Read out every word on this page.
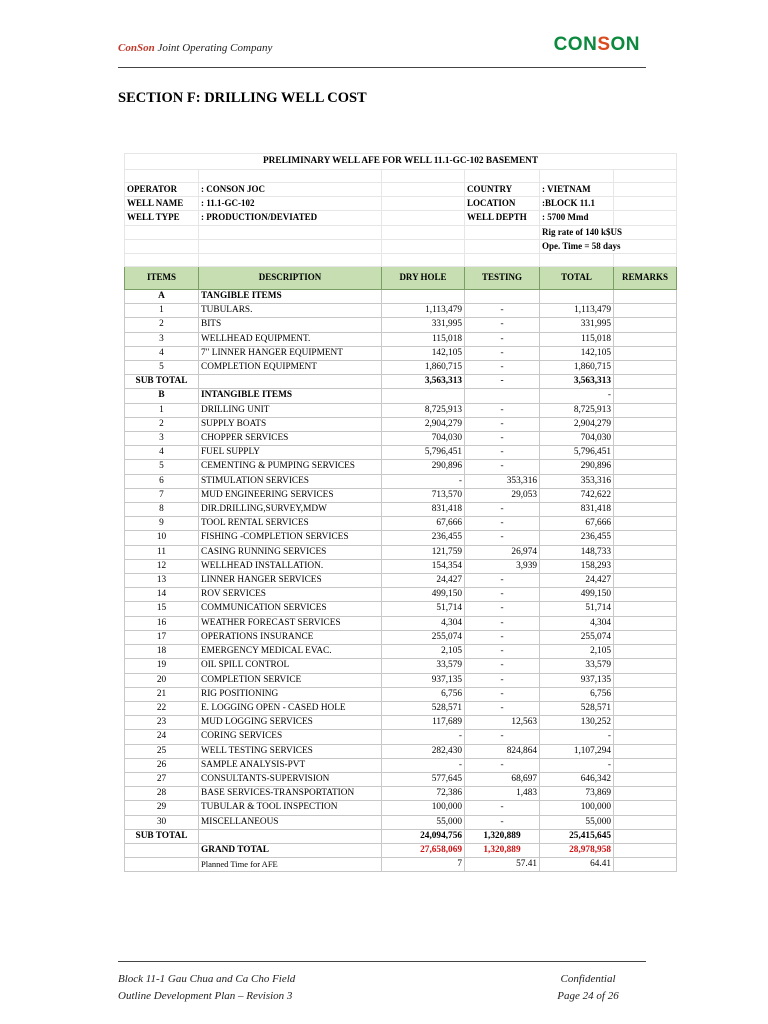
ConSon Joint Operating Company	CONSON
SECTION F: DRILLING WELL COST
PRELIMINARY WELL AFE FOR WELL 11.1-GC-102 BASEMENT					

OPERATOR	: CONSON JOC		COUNTRY	: VIETNAM	
WELL NAME	: 11.1-GC-102		LOCATION	:BLOCK 11.1	
WELL TYPE	: PRODUCTION/DEVIATED		WELL DEPTH	: 5700 Mmd	
				Rig rate of 140 k$US	
				Ope. Time = 58 days	

ITEMS	DESCRIPTION	DRY HOLE	TESTING	TOTAL	REMARKS
A	TANGIBLE ITEMS				
1	TUBULARS.	1,113,479	-	1,113,479	
2	BITS	331,995	-	331,995	
3	WELLHEAD EQUIPMENT.	115,018	-	115,018	
4	7" LINNER HANGER EQUIPMENT	142,105	-	142,105	
5	COMPLETION EQUIPMENT	1,860,715	-	1,860,715	
SUB TOTAL		3,563,313	-	3,563,313	
B	INTANGIBLE ITEMS			-	
1	DRILLING UNIT	8,725,913	-	8,725,913	
2	SUPPLY BOATS	2,904,279	-	2,904,279	
3	CHOPPER SERVICES	704,030	-	704,030	
4	FUEL SUPPLY	5,796,451	-	5,796,451	
5	CEMENTING & PUMPING SERVICES	290,896	-	290,896	
6	STIMULATION SERVICES	-	353,316	353,316	
7	MUD ENGINEERING SERVICES	713,570	29,053	742,622	
8	DIR.DRILLING,SURVEY,MDW	831,418	-	831,418	
9	TOOL RENTAL SERVICES	67,666	-	67,666	
10	FISHING -COMPLETION SERVICES	236,455	-	236,455	
11	CASING RUNNING SERVICES	121,759	26,974	148,733	
12	WELLHEAD INSTALLATION.	154,354	3,939	158,293	
13	LINNER HANGER SERVICES	24,427	-	24,427	
14	ROV SERVICES	499,150	-	499,150	
15	COMMUNICATION SERVICES	51,714	-	51,714	
16	WEATHER FORECAST SERVICES	4,304	-	4,304	
17	OPERATIONS INSURANCE	255,074	-	255,074	
18	EMERGENCY MEDICAL EVAC.	2,105	-	2,105	
19	OIL SPILL CONTROL	33,579	-	33,579	
20	COMPLETION SERVICE	937,135	-	937,135	
21	RIG POSITIONING	6,756	-	6,756	
22	E. LOGGING OPEN - CASED HOLE	528,571	-	528,571	
23	MUD LOGGING SERVICES	117,689	12,563	130,252	
24	CORING SERVICES	-	-	-	
25	WELL TESTING SERVICES	282,430	824,864	1,107,294	
26	SAMPLE ANALYSIS-PVT	-	-	-	
27	CONSULTANTS-SUPERVISION	577,645	68,697	646,342	
28	BASE SERVICES-TRANSPORTATION	72,386	1,483	73,869	
29	TUBULAR & TOOL INSPECTION	100,000	-	100,000	
30	MISCELLANEOUS	55,000	-	55,000	
SUB TOTAL		24,094,756	1,320,889	25,415,645	
	GRAND TOTAL	27,658,069	1,320,889	28,978,958	
	Planned Time for AFE	7	57.41	64.41	
Block 11-1 Gau Chua and Ca Cho Field
Outline Development Plan – Revision 3
Confidential
Page 24 of 26
